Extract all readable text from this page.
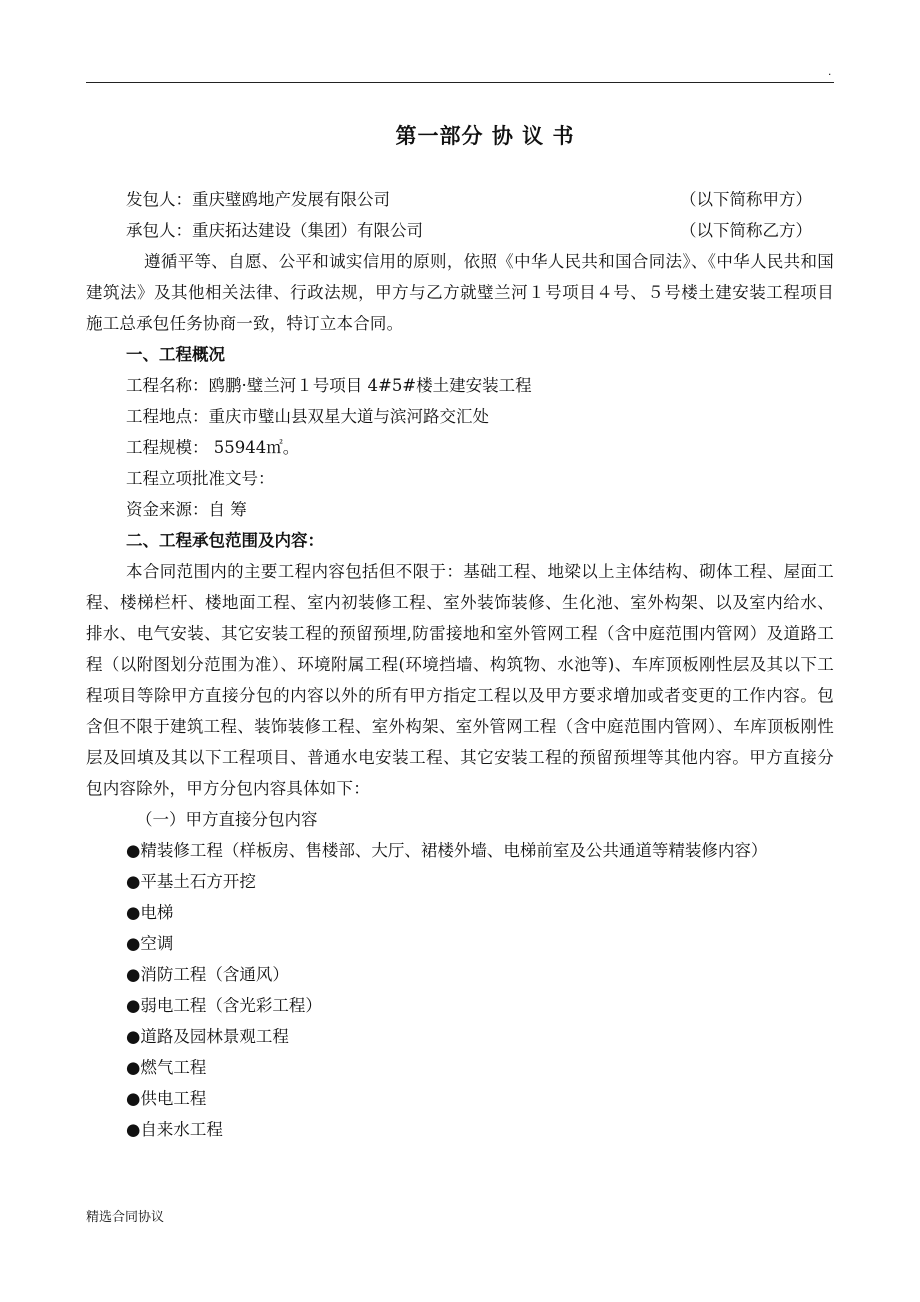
.
第一部分 协 议 书
发包人：重庆璧鸥地产发展有限公司	（以下简称甲方）
承包人：重庆拓达建设（集团）有限公司	（以下简称乙方）
遵循平等、自愿、公平和诚实信用的原则，依照《中华人民共和国合同法》、《中华人民共和国建筑法》及其他相关法律、行政法规，甲方与乙方就璧兰河１号项目４号、５号楼土建安装工程项目施工总承包任务协商一致，特订立本合同。
一、工程概况
工程名称：鸥鹏·璧兰河１号项目 4#5#楼土建安装工程
工程地点：重庆市璧山县双星大道与滨河路交汇处
工程规模： 55944㎡。
工程立项批准文号：
资金来源：自 筹
二、工程承包范围及内容：
本合同范围内的主要工程内容包括但不限于：基础工程、地梁以上主体结构、砌体工程、屋面工程、楼梯栏杆、楼地面工程、室内初装修工程、室外装饰装修、生化池、室外构架、以及室内给水、排水、电气安装、其它安装工程的预留预埋,防雷接地和室外管网工程（含中庭范围内管网）及道路工程（以附图划分范围为准）、环境附属工程(环境挡墙、构筑物、水池等)、车库顶板刚性层及其以下工程项目等除甲方直接分包的内容以外的所有甲方指定工程以及甲方要求增加或者变更的工作内容。包含但不限于建筑工程、装饰装修工程、室外构架、室外管网工程（含中庭范围内管网）、车库顶板刚性层及回填及其以下工程项目、普通水电安装工程、其它安装工程的预留预埋等其他内容。甲方直接分包内容除外，甲方分包内容具体如下：
（一）甲方直接分包内容
●精装修工程（样板房、售楼部、大厅、裙楼外墙、电梯前室及公共通道等精装修内容）
●平基土石方开挖
●电梯
●空调
●消防工程（含通风）
●弱电工程（含光彩工程）
●道路及园林景观工程
●燃气工程
●供电工程
●自来水工程
精选合同协议
